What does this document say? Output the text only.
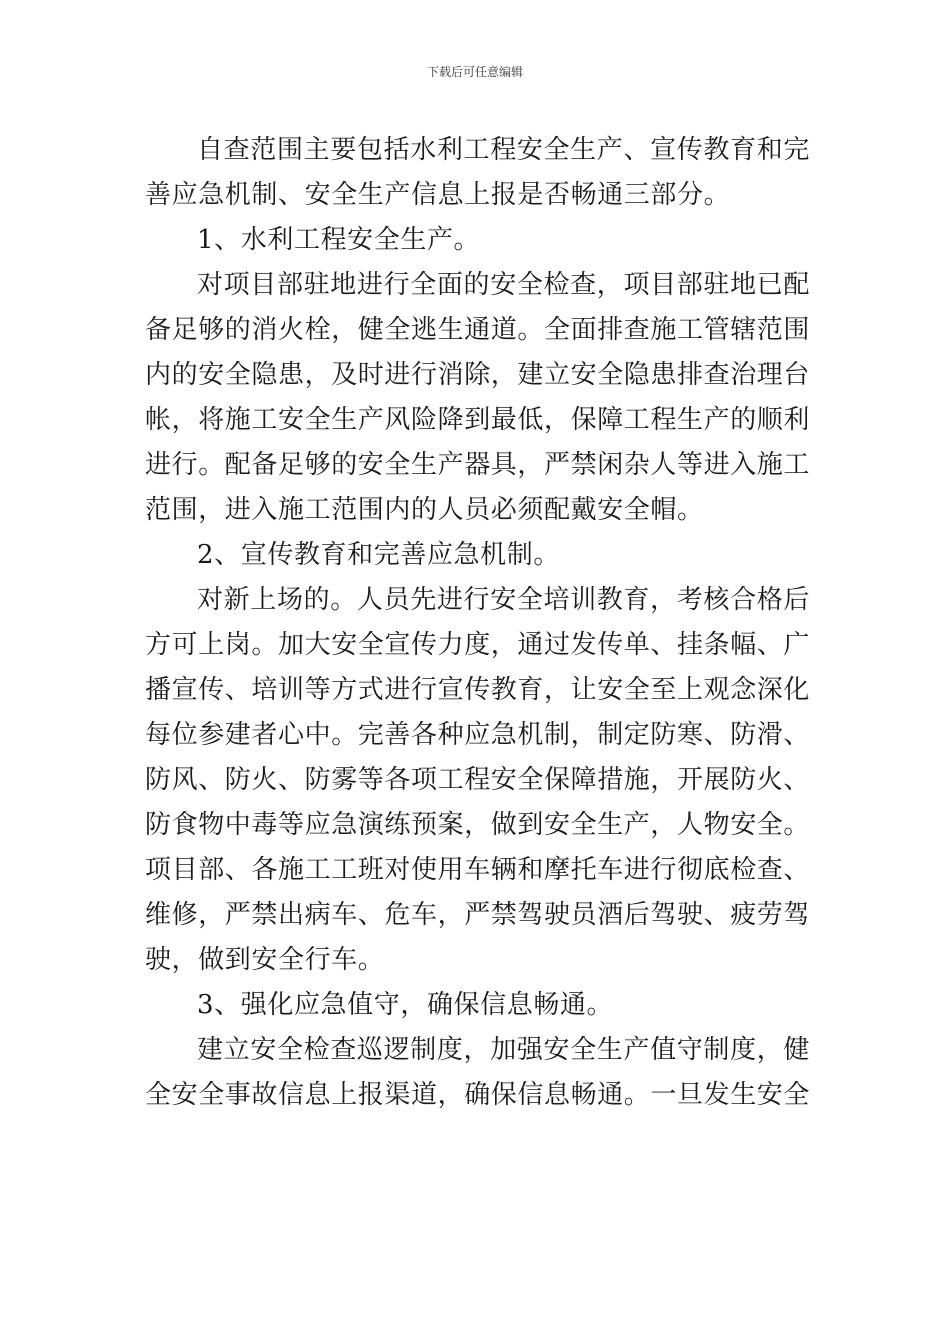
下载后可任意编辑

自查范围主要包括水利工程安全生产、宣传教育和完善应急机制、安全生产信息上报是否畅通三部分。

1、水利工程安全生产。

对项目部驻地进行全面的安全检查，项目部驻地已配备足够的消火栓，健全逃生通道。全面排查施工管辖范围内的安全隐患，及时进行消除，建立安全隐患排查治理台帐，将施工安全生产风险降到最低，保障工程生产的顺利进行。配备足够的安全生产器具，严禁闲杂人等进入施工范围，进入施工范围内的人员必须配戴安全帽。

2、宣传教育和完善应急机制。

对新上场的。人员先进行安全培训教育，考核合格后方可上岗。加大安全宣传力度，通过发传单、挂条幅、广播宣传、培训等方式进行宣传教育，让安全至上观念深化每位参建者心中。完善各种应急机制，制定防寒、防滑、防风、防火、防雾等各项工程安全保障措施，开展防火、防食物中毒等应急演练预案，做到安全生产，人物安全。项目部、各施工工班对使用车辆和摩托车进行彻底检查、维修，严禁出病车、危车，严禁驾驶员酒后驾驶、疲劳驾驶，做到安全行车。

3、强化应急值守，确保信息畅通。

建立安全检查巡逻制度，加强安全生产值守制度，健全安全事故信息上报渠道，确保信息畅通。一旦发生安全
